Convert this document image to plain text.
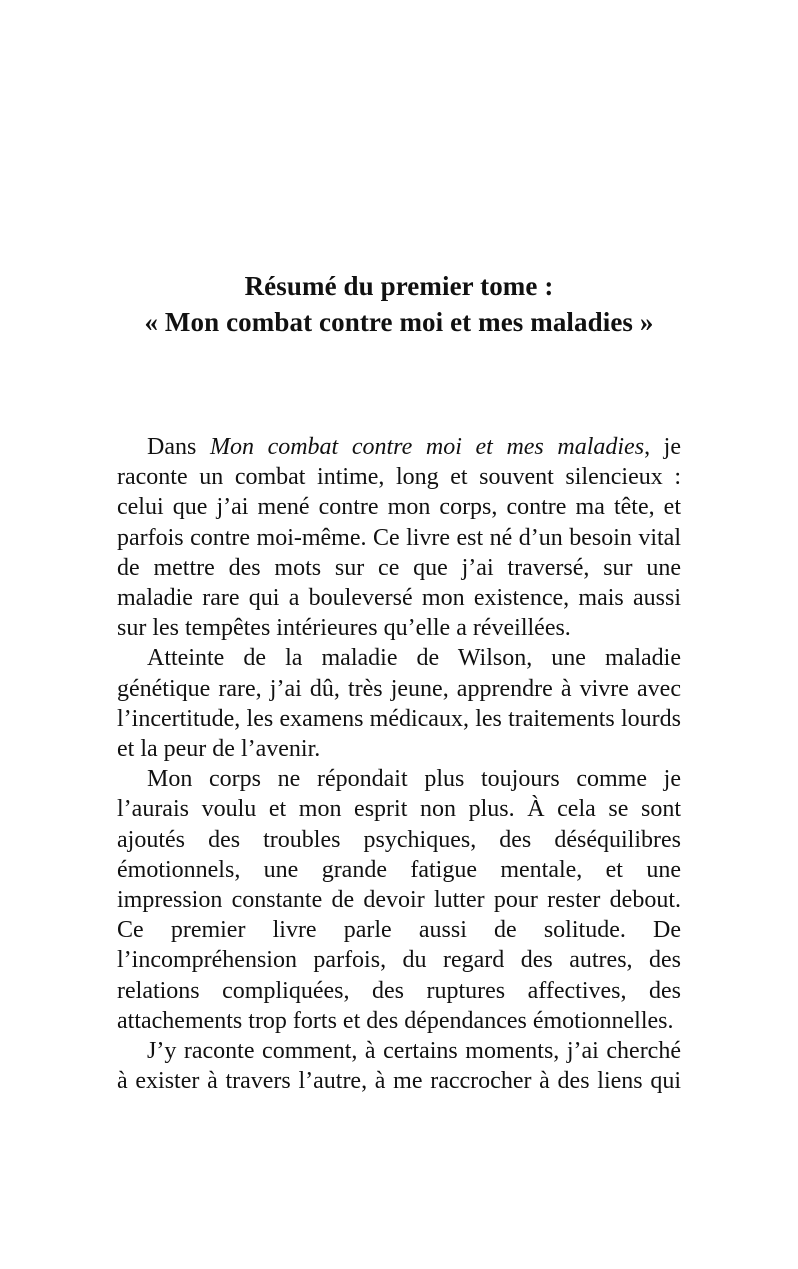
Résumé du premier tome :
« Mon combat contre moi et mes maladies »

Dans Mon combat contre moi et mes maladies, je raconte un combat intime, long et souvent silencieux : celui que j’ai mené contre mon corps, contre ma tête, et parfois contre moi-même. Ce livre est né d’un besoin vital de mettre des mots sur ce que j’ai traversé, sur une maladie rare qui a bouleversé mon existence, mais aussi sur les tempêtes intérieures qu’elle a réveillées.

Atteinte de la maladie de Wilson, une maladie génétique rare, j’ai dû, très jeune, apprendre à vivre avec l’incertitude, les examens médicaux, les traitements lourds et la peur de l’avenir.

Mon corps ne répondait plus toujours comme je l’aurais voulu et mon esprit non plus. À cela se sont ajoutés des troubles psychiques, des déséquilibres émotionnels, une grande fatigue mentale, et une impression constante de devoir lutter pour rester debout. Ce premier livre parle aussi de solitude. De l’incompréhension parfois, du regard des autres, des relations compliquées, des ruptures affectives, des attachements trop forts et des dépendances émotionnelles.

J’y raconte comment, à certains moments, j’ai cherché à exister à travers l’autre, à me raccrocher à des liens qui
